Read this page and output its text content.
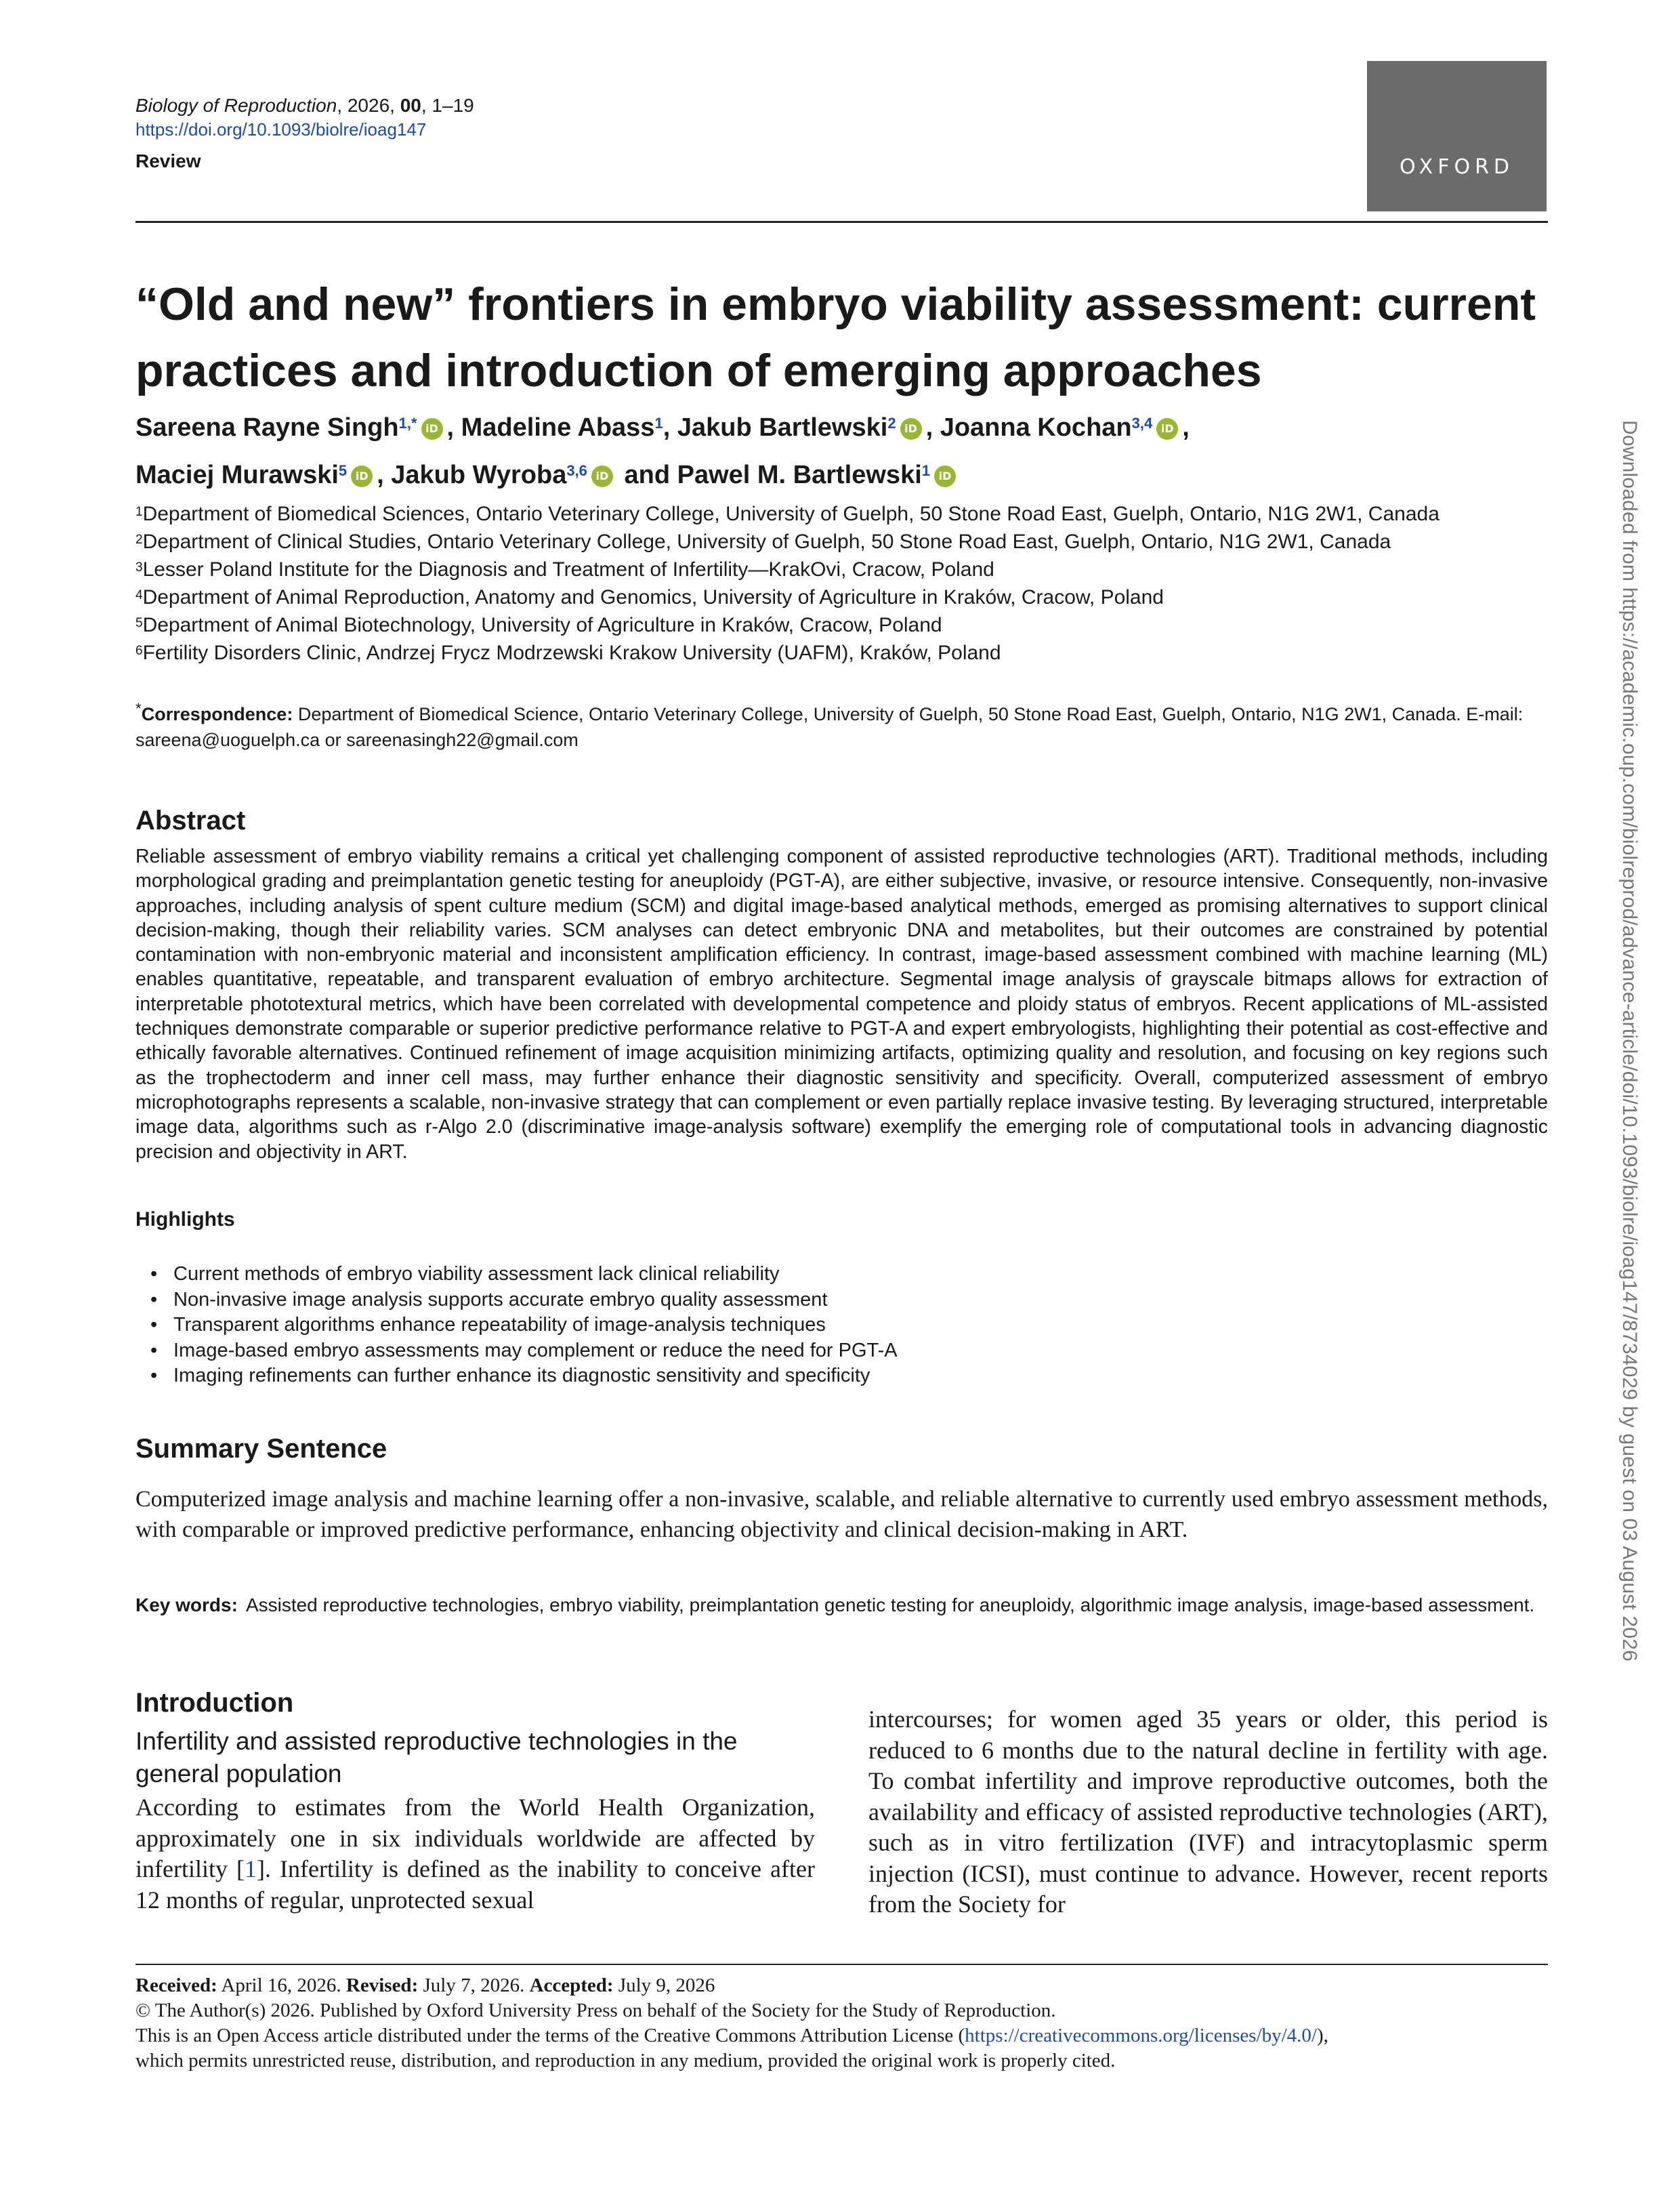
Biology of Reproduction, 2026, 00, 1–19
https://doi.org/10.1093/biolre/ioag147
Review	OXFORD
“Old and new” frontiers in embryo viability assessment: current practices and introduction of emerging approaches
Sareena Rayne Singh$^{1,*}$ iD , Madeline Abass$^1$, Jakub Bartlewski$^2$ iD , Joanna Kochan$^{3,4}$ iD ,
Maciej Murawski$^5$ iD , Jakub Wyroba$^{3,6}$ iD and Pawel M. Bartlewski$^1$ iD

$^1$Department of Biomedical Sciences, Ontario Veterinary College, University of Guelph, 50 Stone Road East, Guelph, Ontario, N1G 2W1, Canada

$^2$Department of Clinical Studies, Ontario Veterinary College, University of Guelph, 50 Stone Road East, Guelph, Ontario, N1G 2W1, Canada

$^3$Lesser Poland Institute for the Diagnosis and Treatment of Infertility—KrakOvi, Cracow, Poland

$^4$Department of Animal Reproduction, Anatomy and Genomics, University of Agriculture in Kraków, Cracow, Poland

$^5$Department of Animal Biotechnology, University of Agriculture in Kraków, Cracow, Poland

$^6$Fertility Disorders Clinic, Andrzej Frycz Modrzewski Krakow University (UAFM), Kraków, Poland

*Correspondence: Department of Biomedical Science, Ontario Veterinary College, University of Guelph, 50 Stone Road East, Guelph, Ontario, N1G 2W1, Canada. E-mail: sareena@uoguelph.ca or sareenasingh22@gmail.com
Abstract
Reliable assessment of embryo viability remains a critical yet challenging component of assisted reproductive technologies (ART). Traditional methods, including morphological grading and preimplantation genetic testing for aneuploidy (PGT-A), are either subjective, invasive, or resource intensive. Consequently, non-invasive approaches, including analysis of spent culture medium (SCM) and digital image-based analytical methods, emerged as promising alternatives to support clinical decision-making, though their reliability varies. SCM analyses can detect embryonic DNA and metabolites, but their outcomes are constrained by potential contamination with non-embryonic material and inconsistent amplification efficiency. In contrast, image-based assessment combined with machine learning (ML) enables quantitative, repeatable, and transparent evaluation of embryo architecture. Segmental image analysis of grayscale bitmaps allows for extraction of interpretable phototextural metrics, which have been correlated with developmental competence and ploidy status of embryos. Recent applications of ML-assisted techniques demonstrate comparable or superior predictive performance relative to PGT-A and expert embryologists, highlighting their potential as cost-effective and ethically favorable alternatives. Continued refinement of image acquisition minimizing artifacts, optimizing quality and resolution, and focusing on key regions such as the trophectoderm and inner cell mass, may further enhance their diagnostic sensitivity and specificity. Overall, computerized assessment of embryo microphotographs represents a scalable, non-invasive strategy that can complement or even partially replace invasive testing. By leveraging structured, interpretable image data, algorithms such as r-Algo 2.0 (discriminative image-analysis software) exemplify the emerging role of computational tools in advancing diagnostic precision and objectivity in ART.
Highlights
• Current methods of embryo viability assessment lack clinical reliability
• Non-invasive image analysis supports accurate embryo quality assessment
• Transparent algorithms enhance repeatability of image-analysis techniques
• Image-based embryo assessments may complement or reduce the need for PGT-A
• Imaging refinements can further enhance its diagnostic sensitivity and specificity
Summary Sentence
Computerized image analysis and machine learning offer a non-invasive, scalable, and reliable alternative to currently used embryo assessment methods, with comparable or improved predictive performance, enhancing objectivity and clinical decision-making in ART.
Key words: Assisted reproductive technologies, embryo viability, preimplantation genetic testing for aneuploidy, algorithmic image analysis, image-based assessment.
Introduction
Infertility and assisted reproductive technologies in the general population
According to estimates from the World Health Organization, approximately one in six individuals worldwide are affected by infertility [1]. Infertility is defined as the inability to conceive after 12 months of regular, unprotected sexual
intercourses; for women aged 35 years or older, this period is reduced to 6 months due to the natural decline in fertility with age. To combat infertility and improve reproductive outcomes, both the availability and efficacy of assisted reproductive technologies (ART), such as in vitro fertilization (IVF) and intracytoplasmic sperm injection (ICSI), must continue to advance. However, recent reports from the Society for

Received: April 16, 2026. Revised: July 7, 2026. Accepted: July 9, 2026

© The Author(s) 2026. Published by Oxford University Press on behalf of the Society for the Study of Reproduction.

This is an Open Access article distributed under the terms of the Creative Commons Attribution License (https://creativecommons.org/licenses/by/4.0/),

which permits unrestricted reuse, distribution, and reproduction in any medium, provided the original work is properly cited.

Downloaded from https://academic.oup.com/biolreprod/advance-article/doi/10.1093/biolre/ioag147/8734029 by guest on 03 August 2026
